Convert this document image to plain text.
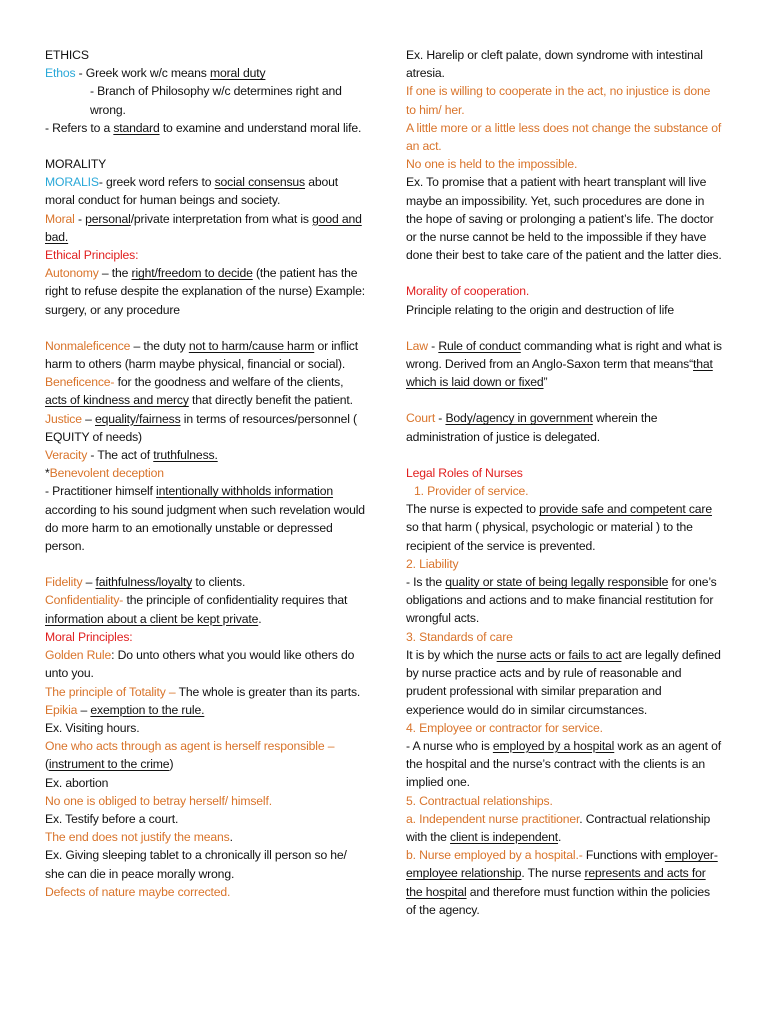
ETHICS

Ethos - Greek work w/c means moral duty

- Branch of Philosophy w/c determines right and wrong.

- Refers to a standard to examine and understand moral life.

MORALITY

MORALIS- greek word refers to social consensus about moral conduct for human beings and society.

Moral - personal/private interpretation from what is good and bad.

Ethical Principles:

Autonomy – the right/freedom to decide (the patient has the right to refuse despite the explanation of the nurse) Example: surgery, or any procedure

Nonmaleficence – the duty not to harm/cause harm or inflict harm to others (harm maybe physical, financial or social).

Beneficence- for the goodness and welfare of the clients, acts of kindness and mercy that directly benefit the patient.

Justice – equality/fairness in terms of resources/personnel ( EQUITY of needs)

Veracity - The act of truthfulness.

*Benevolent deception

- Practitioner himself intentionally withholds information according to his sound judgment when such revelation would do more harm to an emotionally unstable or depressed person.

Fidelity – faithfulness/loyalty to clients.

Confidentiality- the principle of confidentiality requires that information about a client be kept private.

Moral Principles:

Golden Rule: Do unto others what you would like others do unto you.

The principle of Totality – The whole is greater than its parts.

Epikia – exemption to the rule.

Ex. Visiting hours.

One who acts through as agent is herself responsible – (instrument to the crime)

Ex. abortion

No one is obliged to betray herself/ himself.

Ex. Testify before a court.

The end does not justify the means.

Ex. Giving sleeping tablet to a chronically ill person so he/ she can die in peace morally wrong.

Defects of nature maybe corrected.

Ex. Harelip or cleft palate, down syndrome with intestinal atresia.

If one is willing to cooperate in the act, no injustice is done to him/ her.

A little more or a little less does not change the substance of an act.

No one is held to the impossible.

Ex. To promise that a patient with heart transplant will live maybe an impossibility. Yet, such procedures are done in the hope of saving or prolonging a patient’s life. The doctor or the nurse cannot be held to the impossible if they have done their best to take care of the patient and the latter dies.

Morality of cooperation.

Principle relating to the origin and destruction of life

Law - Rule of conduct commanding what is right and what is wrong. Derived from an Anglo-Saxon term that means“that which is laid down or fixed”

Court - Body/agency in government wherein the administration of justice is delegated.

Legal Roles of Nurses

1. Provider of service.

The nurse is expected to provide safe and competent care so that harm ( physical, psychologic or material ) to the recipient of the service is prevented.

2. Liability

- Is the quality or state of being legally responsible for one’s obligations and actions and to make financial restitution for wrongful acts.

3. Standards of care

It is by which the nurse acts or fails to act are legally defined by nurse practice acts and by rule of reasonable and prudent professional with similar preparation and experience would do in similar circumstances.

4. Employee or contractor for service.

- A nurse who is employed by a hospital work as an agent of the hospital and the nurse’s contract with the clients is an implied one.

5. Contractual relationships.

a. Independent nurse practitioner. Contractual relationship with the client is independent.

b. Nurse employed by a hospital.- Functions with employer- employee relationship. The nurse represents and acts for the hospital and therefore must function within the policies of the agency.
